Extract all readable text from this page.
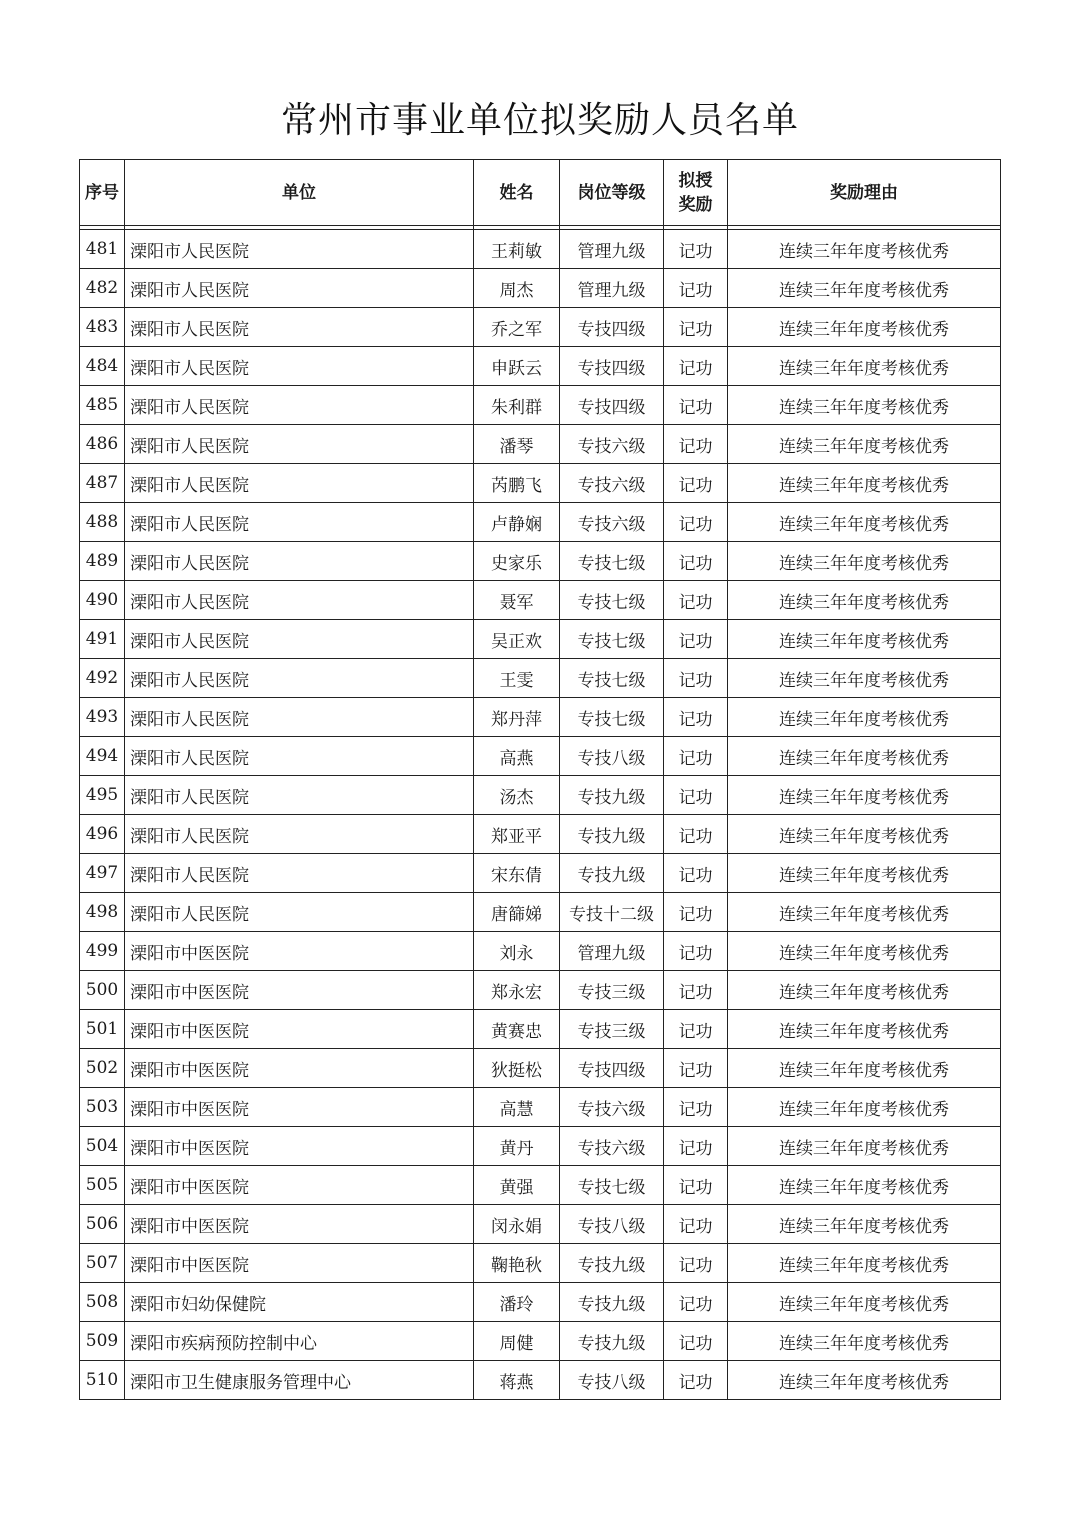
常州市事业单位拟奖励人员名单
序号	单位	姓名	岗位等级	拟授
奖励	奖励理由

481	溧阳市人民医院	王莉敏	管理九级	记功	连续三年年度考核优秀
482	溧阳市人民医院	周杰	管理九级	记功	连续三年年度考核优秀
483	溧阳市人民医院	乔之军	专技四级	记功	连续三年年度考核优秀
484	溧阳市人民医院	申跃云	专技四级	记功	连续三年年度考核优秀
485	溧阳市人民医院	朱利群	专技四级	记功	连续三年年度考核优秀
486	溧阳市人民医院	潘琴	专技六级	记功	连续三年年度考核优秀
487	溧阳市人民医院	芮鹏飞	专技六级	记功	连续三年年度考核优秀
488	溧阳市人民医院	卢静娴	专技六级	记功	连续三年年度考核优秀
489	溧阳市人民医院	史家乐	专技七级	记功	连续三年年度考核优秀
490	溧阳市人民医院	聂军	专技七级	记功	连续三年年度考核优秀
491	溧阳市人民医院	吴正欢	专技七级	记功	连续三年年度考核优秀
492	溧阳市人民医院	王雯	专技七级	记功	连续三年年度考核优秀
493	溧阳市人民医院	郑丹萍	专技七级	记功	连续三年年度考核优秀
494	溧阳市人民医院	高燕	专技八级	记功	连续三年年度考核优秀
495	溧阳市人民医院	汤杰	专技九级	记功	连续三年年度考核优秀
496	溧阳市人民医院	郑亚平	专技九级	记功	连续三年年度考核优秀
497	溧阳市人民医院	宋东倩	专技九级	记功	连续三年年度考核优秀
498	溧阳市人民医院	唐篩娣	专技十二级	记功	连续三年年度考核优秀
499	溧阳市中医医院	刘永	管理九级	记功	连续三年年度考核优秀
500	溧阳市中医医院	郑永宏	专技三级	记功	连续三年年度考核优秀
501	溧阳市中医医院	黄赛忠	专技三级	记功	连续三年年度考核优秀
502	溧阳市中医医院	狄挺松	专技四级	记功	连续三年年度考核优秀
503	溧阳市中医医院	高慧	专技六级	记功	连续三年年度考核优秀
504	溧阳市中医医院	黄丹	专技六级	记功	连续三年年度考核优秀
505	溧阳市中医医院	黄强	专技七级	记功	连续三年年度考核优秀
506	溧阳市中医医院	闵永娟	专技八级	记功	连续三年年度考核优秀
507	溧阳市中医医院	鞠艳秋	专技九级	记功	连续三年年度考核优秀
508	溧阳市妇幼保健院	潘玲	专技九级	记功	连续三年年度考核优秀
509	溧阳市疾病预防控制中心	周健	专技九级	记功	连续三年年度考核优秀
510	溧阳市卫生健康服务管理中心	蒋燕	专技八级	记功	连续三年年度考核优秀
